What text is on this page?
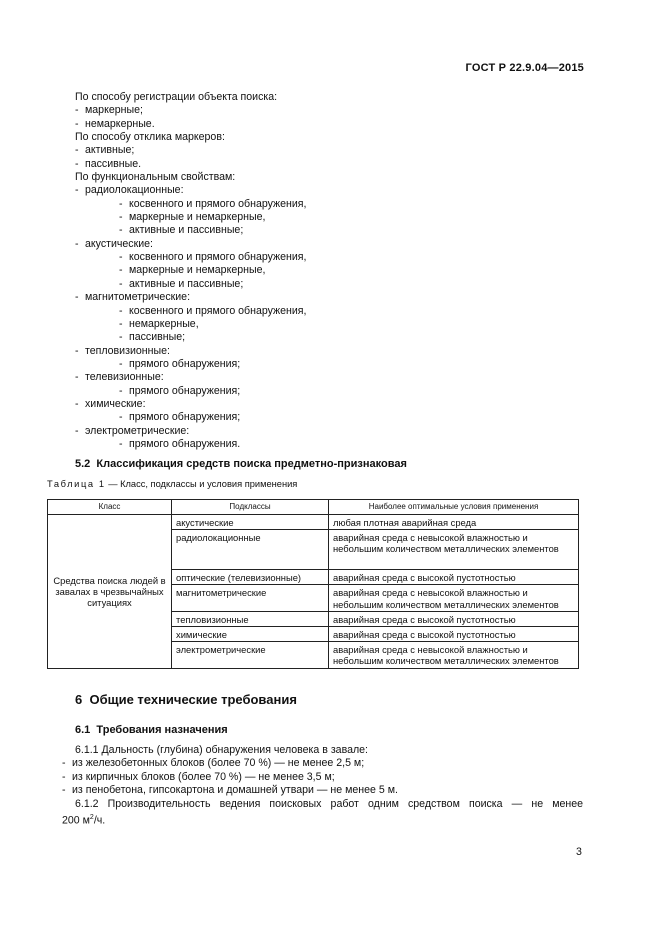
ГОСТ Р 22.9.04—2015
По способу регистрации объекта поиска:
- маркерные;
- немаркерные.
По способу отклика маркеров:
- активные;
- пассивные.
По функциональным свойствам:
- радиолокационные:
- косвенного и прямого обнаружения,
- маркерные и немаркерные,
- активные и пассивные;
- акустические:
- косвенного и прямого обнаружения,
- маркерные и немаркерные,
- активные и пассивные;
- магнитометрические:
- косвенного и прямого обнаружения,
- немаркерные,
- пассивные;
- тепловизионные:
- прямого обнаружения;
- телевизионные:
- прямого обнаружения;
- химические:
- прямого обнаружения;
- электрометрические:
- прямого обнаружения.
5.2 Классификация средств поиска предметно-признаковая
Таблица 1 — Класс, подклассы и условия применения
Класс	Подклассы	Наиболее оптимальные условия применения
Средства поиска людей в завалах в чрезвычайных ситуациях	акустические	любая плотная аварийная среда
	радиолокационные	аварийная среда с невысокой влажностью и небольшим количеством металлических элементов
	оптические (телевизионные)	аварийная среда с высокой пустотностью
	магнитометрические	аварийная среда с невысокой влажностью и небольшим количеством металлических элементов
	тепловизионные	аварийная среда с высокой пустотностью
	химические	аварийная среда с высокой пустотностью
	электрометрические	аварийная среда с невысокой влажностью и небольшим количеством металлических элементов
6 Общие технические требования
6.1 Требования назначения
6.1.1 Дальность (глубина) обнаружения человека в завале:
- из железобетонных блоков (более 70 %) — не менее 2,5 м;
- из кирпичных блоков (более 70 %) — не менее 3,5 м;
- из пенобетона, гипсокартона и домашней утвари — не менее 5 м.
6.1.2 Производительность ведения поисковых работ одним средством поиска — не менее
200 $м^2/ч$.
3
